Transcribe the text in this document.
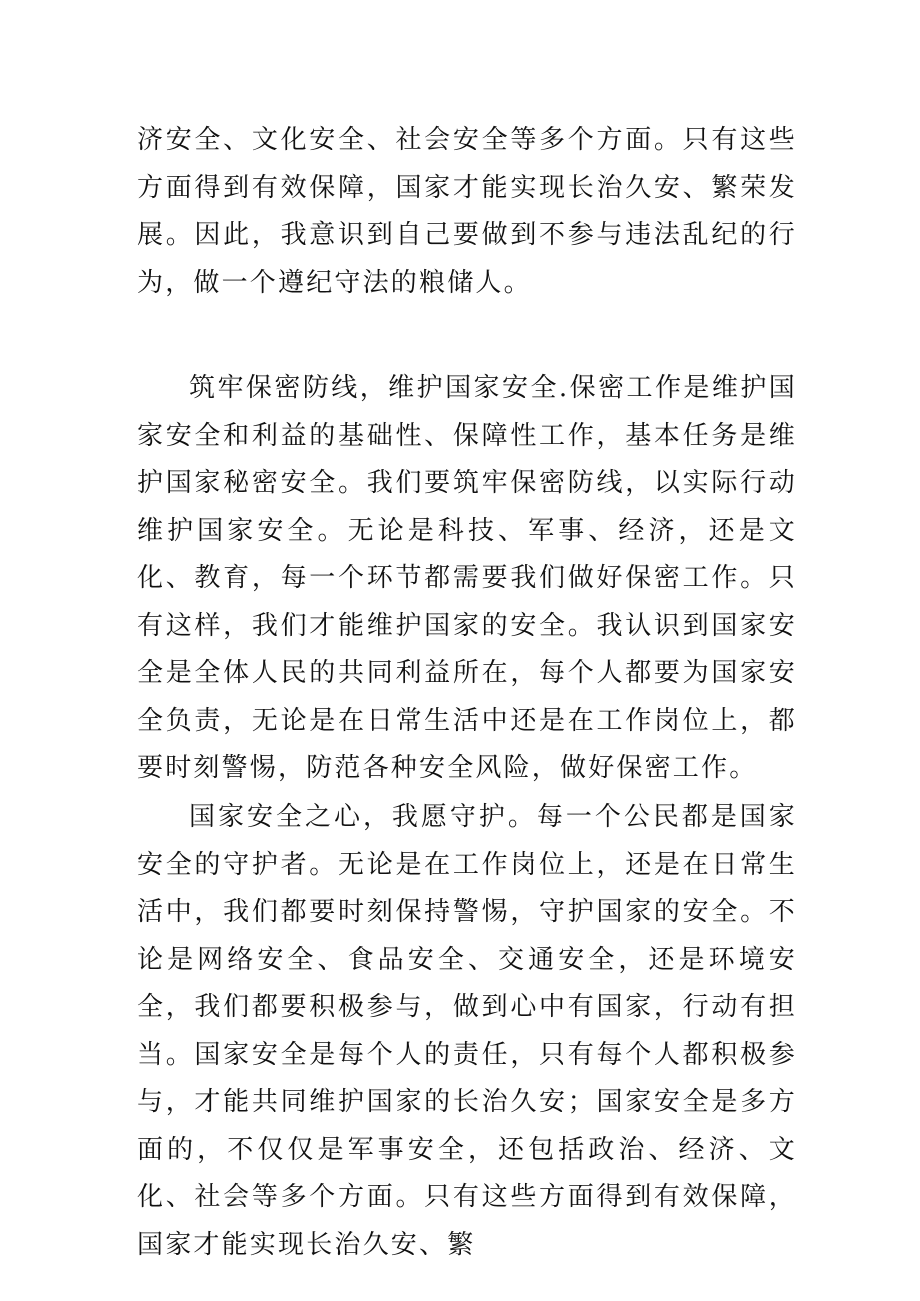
济安全、文化安全、社会安全等多个方面。只有这些方面得到有效保障，国家才能实现长治久安、繁荣发展。因此，我意识到自己要做到不参与违法乱纪的行为，做一个遵纪守法的粮储人。

筑牢保密防线，维护国家安全.保密工作是维护国家安全和利益的基础性、保障性工作，基本任务是维护国家秘密安全。我们要筑牢保密防线，以实际行动维护国家安全。无论是科技、军事、经济，还是文化、教育，每一个环节都需要我们做好保密工作。只有这样，我们才能维护国家的安全。我认识到国家安全是全体人民的共同利益所在，每个人都要为国家安全负责，无论是在日常生活中还是在工作岗位上，都要时刻警惕，防范各种安全风险，做好保密工作。

国家安全之心，我愿守护。每一个公民都是国家安全的守护者。无论是在工作岗位上，还是在日常生活中，我们都要时刻保持警惕，守护国家的安全。不论是网络安全、食品安全、交通安全，还是环境安全，我们都要积极参与，做到心中有国家，行动有担当。国家安全是每个人的责任，只有每个人都积极参与，才能共同维护国家的长治久安；国家安全是多方面的，不仅仅是军事安全，还包括政治、经济、文化、社会等多个方面。只有这些方面得到有效保障，国家才能实现长治久安、繁
